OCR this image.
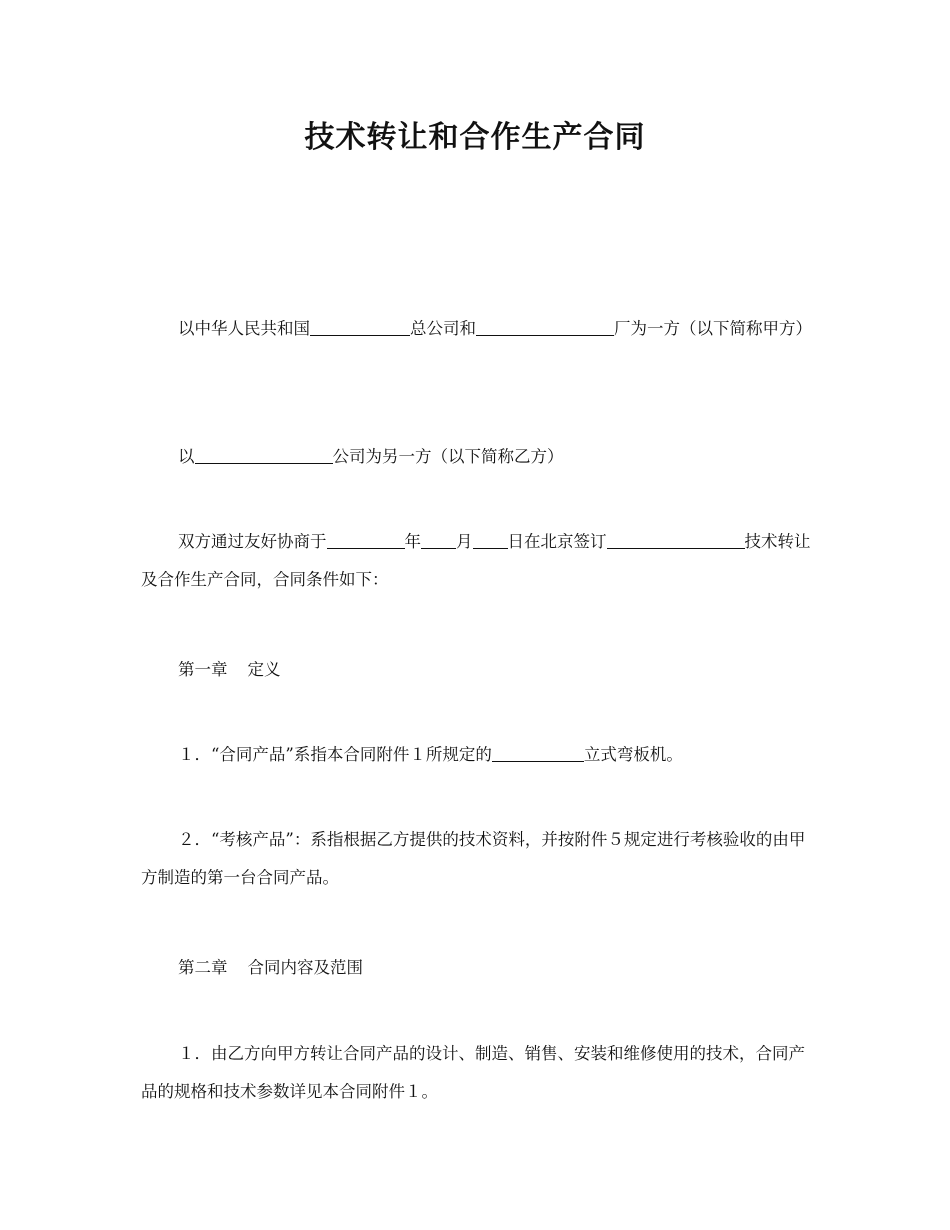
技术转让和合作生产合同

以中华人民共和国	总公司和	厂为一方（以下简称甲方）

以	公司为另一方（以下简称乙方）

双方通过友好协商于	年 月 日在北京签订	技术转让及合作生产合同，合同条件如下：

第一章 定义

１．“合同产品”系指本合同附件１所规定的	立式弯板机。

２．“考核产品”：系指根据乙方提供的技术资料，并按附件５规定进行考核验收的由甲方制造的第一台合同产品。

第二章 合同内容及范围

１．由乙方向甲方转让合同产品的设计、制造、销售、安装和维修使用的技术，合同产品的规格和技术参数详见本合同附件１。
